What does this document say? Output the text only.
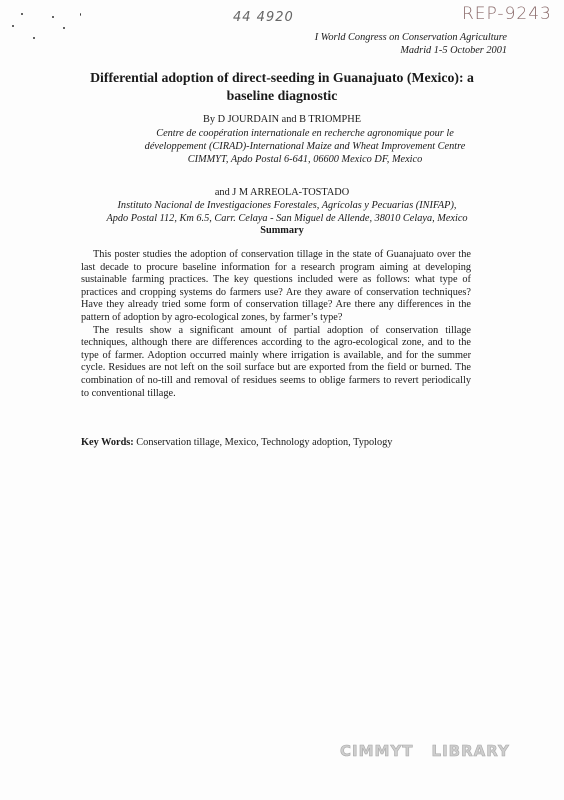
44 4920	REP-9243
I World Congress on Conservation Agriculture
Madrid 1-5 October 2001
Differential adoption of direct-seeding in Guanajuato (Mexico): a
baseline diagnostic
By D JOURDAIN and B TRIOMPHE
Centre de coopération internationale en recherche agronomique pour le
développement (CIRAD)-International Maize and Wheat Improvement Centre
CIMMYT, Apdo Postal 6-641, 06600 Mexico DF, Mexico
and J M ARREOLA-TOSTADO
Instituto Nacional de Investigaciones Forestales, Agrícolas y Pecuarias (INIFAP),
Apdo Postal 112, Km 6.5, Carr. Celaya - San Miguel de Allende, 38010 Celaya, Mexico
Summary

This poster studies the adoption of conservation tillage in the state of Guanajuato over the last decade to procure baseline information for a research program aiming at developing sustainable farming practices. The key questions included were as follows: what type of practices and cropping systems do farmers use? Are they aware of conservation techniques? Have they already tried some form of conservation tillage? Are there any differences in the pattern of adoption by agro-ecological zones, by farmer’s type?

The results show a significant amount of partial adoption of conservation tillage techniques, although there are differences according to the agro-ecological zone, and to the type of farmer. Adoption occurred mainly where irrigation is available, and for the summer cycle. Residues are not left on the soil surface but are exported from the field or burned. The combination of no-till and removal of residues seems to oblige farmers to revert periodically to conventional tillage.

Key Words: Conservation tillage, Mexico, Technology adoption, Typology
CIMMYT LIBRARY
